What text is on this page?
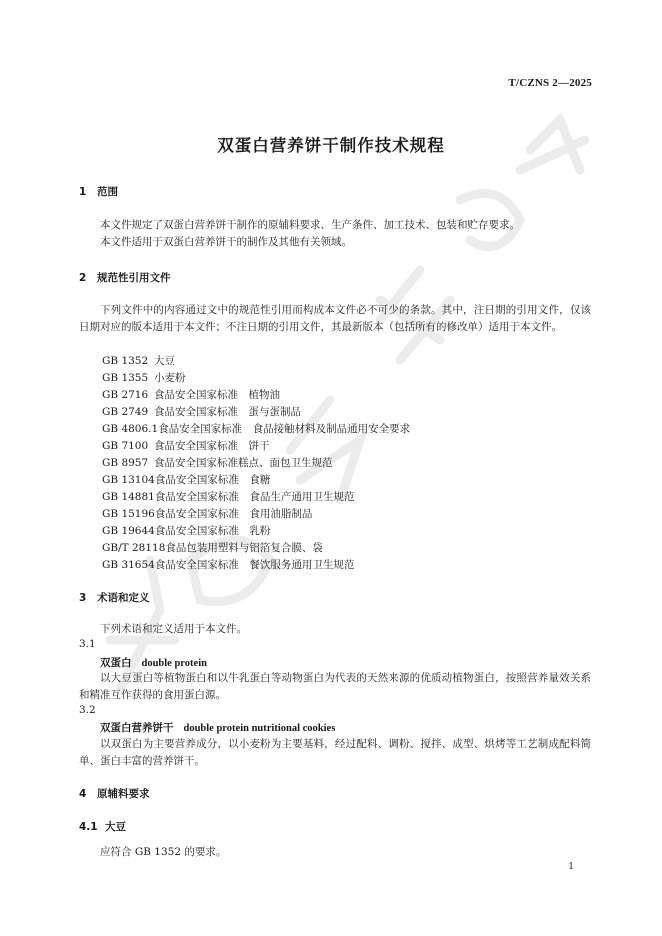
T/CZNS 2—2025
双蛋白营养饼干制作技术规程
1 范围
本文件规定了双蛋白营养饼干制作的原辅料要求、生产条件、加工技术、包装和贮存要求。
本文件适用于双蛋白营养饼干的制作及其他有关领域。
2 规范性引用文件
下列文件中的内容通过文中的规范性引用而构成本文件必不可少的条款。其中，注日期的引用文件，仅该日期对应的版本适用于本文件；不注日期的引用文件，其最新版本（包括所有的修改单）适用于本文件。
GB 1352 大豆
GB 1355 小麦粉
GB 2716 食品安全国家标准　植物油
GB 2749 食品安全国家标准　蛋与蛋制品
GB 4806.1食品安全国家标准　食品接触材料及制品通用安全要求
GB 7100 食品安全国家标准　饼干
GB 8957 食品安全国家标准糕点、面包卫生规范
GB 13104食品安全国家标准　食糖
GB 14881食品安全国家标准　食品生产通用卫生规范
GB 15196食品安全国家标准　食用油脂制品
GB 19644食品安全国家标准　乳粉
GB/T 28118食品包装用塑料与铝箔复合膜、袋
GB 31654食品安全国家标准　餐饮服务通用卫生规范
3 术语和定义
下列术语和定义适用于本文件。
3.1
双蛋白 double protein
以大豆蛋白等植物蛋白和以牛乳蛋白等动物蛋白为代表的天然来源的优质动植物蛋白，按照营养量效关系和精准互作获得的食用蛋白源。
3.2
双蛋白营养饼干 double protein nutritional cookies
以双蛋白为主要营养成分，以小麦粉为主要基料，经过配料、调粉、搅拌、成型、烘烤等工艺制成配料简单、蛋白丰富的营养饼干。
4 原辅料要求
4.1 大豆
应符合 GB 1352 的要求。
1
